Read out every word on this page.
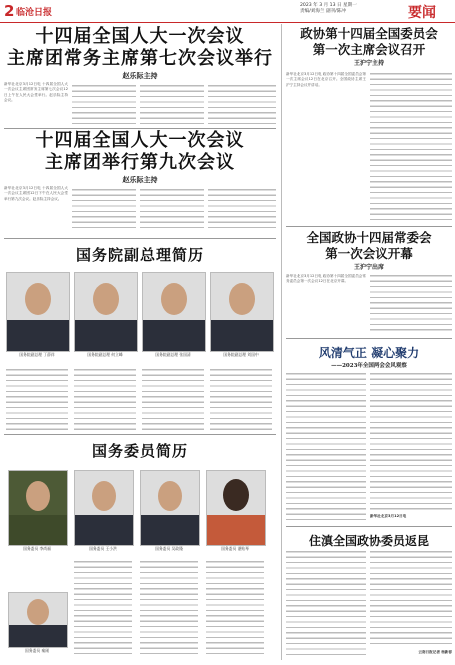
2 临沧日报
2023 年 3 月 13 日 星期一
责编/刘海兰 副刊/陈冲	要闻
十四届全国人大一次会议
主席团常务主席第七次会议举行
赵乐际主持
新华社北京3月12日电 十四届全国人大一次会议主席团常务主席第七次会议12日上午在人民大会堂举行。赵乐际主持会议。
十四届全国人大一次会议
主席团举行第九次会议
赵乐际主持
新华社北京3月12日电 十四届全国人大一次会议主席团12日下午在人民大会堂举行第九次会议。赵乐际主持会议。
国务院副总理简历
国务院副总理 丁薛祥	国务院副总理 何立峰	国务院副总理 张国清	国务院副总理 刘国中
国务委员简历
国务委员 李尚福	国务委员 王小洪	国务委员 吴政隆	国务委员 谌贻琴
国务委员 秦刚
政协第十四届全国委员会
第一次主席会议召开
王沪宁主持
新华社北京3月12日电 政协第十四届全国委员会第一次主席会议12日在北京召开。全国政协主席王沪宁主持会议并讲话。
全国政协十四届常委会
第一次会议开幕
王沪宁出席
新华社北京3月12日电 政协第十四届全国委员会常务委员会第一次会议12日在北京开幕。
风清气正 凝心聚力
——2023年全国两会会风观察
新华社北京3月12日电
住滇全国政协委员返昆
云南日报记者 杨新春
